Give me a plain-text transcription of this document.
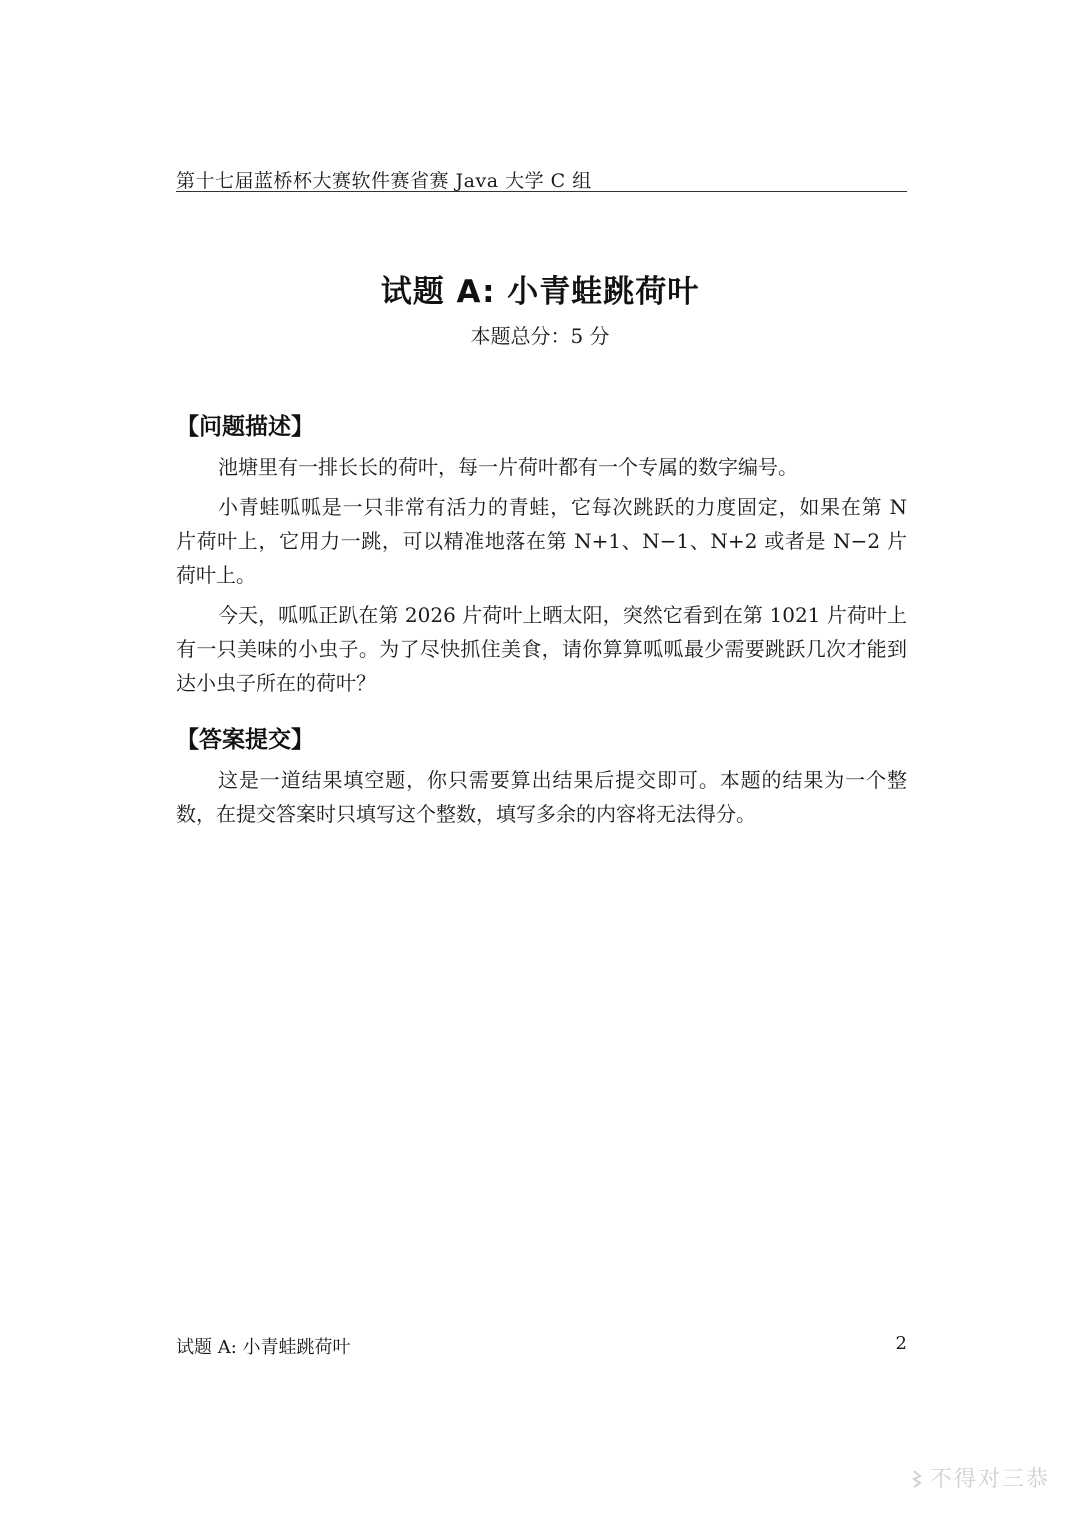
第十七届蓝桥杯大赛软件赛省赛 Java 大学 C 组
试题 A: 小青蛙跳荷叶
本题总分：5 分
【问题描述】

池塘里有一排长长的荷叶，每一片荷叶都有一个专属的数字编号。

小青蛙呱呱是一只非常有活力的青蛙，它每次跳跃的力度固定，如果在第 N 片荷叶上，它用力一跳，可以精准地落在第 N+1、N−1、N+2 或者是 N−2 片荷叶上。

今天，呱呱正趴在第 2026 片荷叶上晒太阳，突然它看到在第 1021 片荷叶上有一只美味的小虫子。为了尽快抓住美食，请你算算呱呱最少需要跳跃几次才能到达小虫子所在的荷叶？

【答案提交】

这是一道结果填空题，你只需要算出结果后提交即可。本题的结果为一个整数，在提交答案时只填写这个整数，填写多余的内容将无法得分。

试题 A: 小青蛙跳荷叶	2
不得对三恭
